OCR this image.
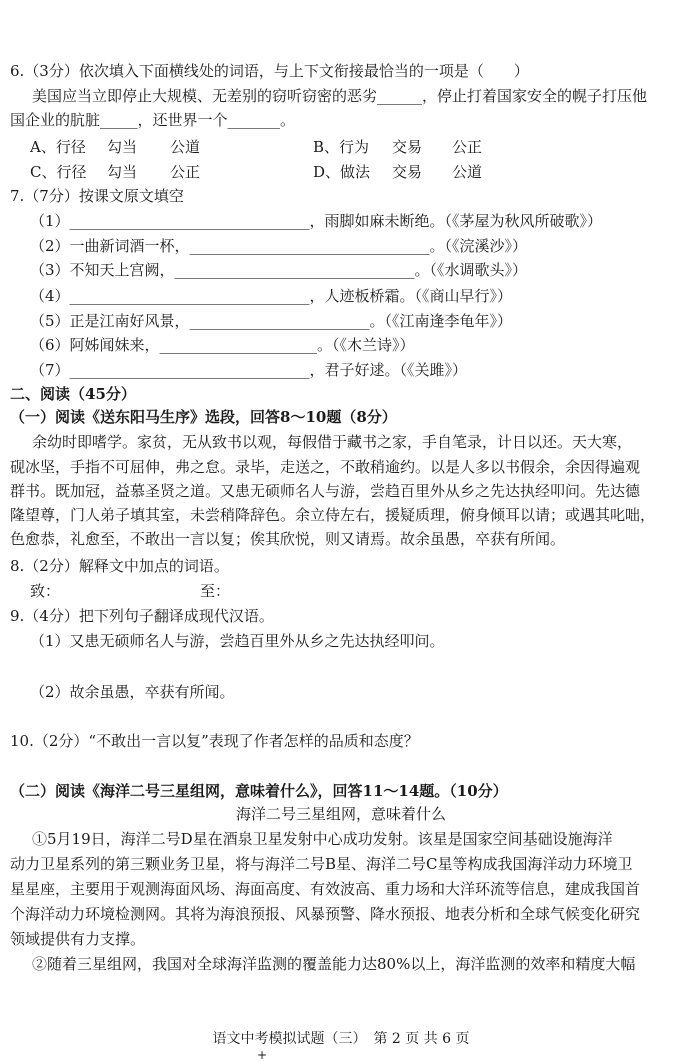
6.（3分）依次填入下面横线处的词语，与上下文衔接最恰当的一项是（　　）
美国应当立即停止大规模、无差别的窃听窃密的恶劣______，停止打着国家安全的幌子打压他
国企业的肮脏_____，还世界一个_______。
A、行径 勾当 公道	B、行为 交易 公正
C、行径 勾当 公正	D、做法 交易 公道
7.（7分）按课文原文填空
（1）________________________________，雨脚如麻未断绝。（《茅屋为秋风所破歌》）
（2）一曲新词酒一杯，________________________________。（《浣溪沙》）
（3）不知天上宫阙，________________________________。（《水调歌头》）
（4）________________________________，人迹板桥霜。（《商山早行》）
（5）正是江南好风景，________________________。（《江南逢李龟年》）
（6）阿姊闻妹来，_____________________。（《木兰诗》）
（7）________________________________，君子好逑。（《关雎》）
二、阅读（45分）
（一）阅读《送东阳马生序》选段，回答8～10题（8分）
余幼时即嗜学。家贫，无从致书以观，每假借于藏书之家，手自笔录，计日以还。天大寒，
砚冰坚，手指不可屈伸，弗之怠。录毕，走送之，不敢稍逾约。以是人多以书假余，余因得遍观
群书。既加冠，益慕圣贤之道。又患无硕师名人与游，尝趋百里外从乡之先达执经叩问。先达德
隆望尊，门人弟子填其室，未尝稍降辞色。余立侍左右，援疑质理，俯身倾耳以请；或遇其叱咄，
色愈恭，礼愈至，不敢出一言以复；俟其欣悦，则又请焉。故余虽愚，卒获有所闻。
8.（2分）解释文中加点的词语。
致：	至：
9.（4分）把下列句子翻译成现代汉语。
（1）又患无硕师名人与游，尝趋百里外从乡之先达执经叩问。
（2）故余虽愚，卒获有所闻。
10.（2分）“不敢出一言以复”表现了作者怎样的品质和态度？
（二）阅读《海洋二号三星组网，意味着什么》，回答11～14题。（10分）
海洋二号三星组网，意味着什么
①5月19日，海洋二号D星在酒泉卫星发射中心成功发射。该星是国家空间基础设施海洋
动力卫星系列的第三颗业务卫星，将与海洋二号B星、海洋二号C星等构成我国海洋动力环境卫
星星座，主要用于观测海面风场、海面高度、有效波高、重力场和大洋环流等信息，建成我国首
个海洋动力环境检测网。其将为海浪预报、风暴预警、降水预报、地表分析和全球气候变化研究
领域提供有力支撑。
②随着三星组网，我国对全球海洋监测的覆盖能力达80%以上，海洋监测的效率和精度大幅
语文中考模拟试题（三）　第 2 页 共 6 页
+
